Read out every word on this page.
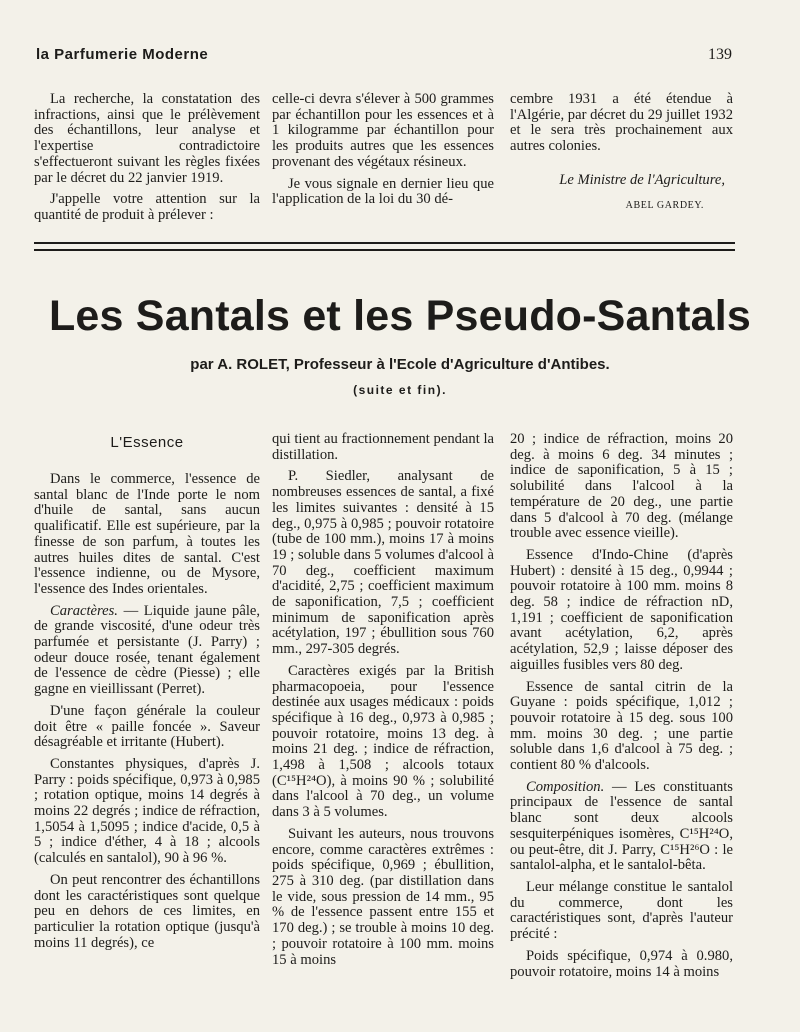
la Parfumerie Moderne	139

La recherche, la constatation des infractions, ainsi que le prélèvement des échantillons, leur analyse et l'expertise contradictoire s'effectueront suivant les règles fixées par le décret du 22 janvier 1919.

J'appelle votre attention sur la quantité de produit à prélever :

celle-ci devra s'élever à 500 grammes par échantillon pour les essences et à 1 kilogramme par échantillon pour les produits autres que les essences provenant des végétaux résineux.

Je vous signale en dernier lieu que l'application de la loi du 30 dé-

cembre 1931 a été étendue à l'Algérie, par décret du 29 juillet 1932 et le sera très prochainement aux autres colonies.

Le Ministre de l'Agriculture,
ABEL GARDEY.
Les Santals et les Pseudo-Santals
par A. ROLET, Professeur à l'Ecole d'Agriculture d'Antibes.
(suite et fin).
L'Essence

Dans le commerce, l'essence de santal blanc de l'Inde porte le nom d'huile de santal, sans aucun qualificatif. Elle est supérieure, par la finesse de son parfum, à toutes les autres huiles dites de santal. C'est l'essence indienne, ou de Mysore, l'essence des Indes orientales.

Caractères. — Liquide jaune pâle, de grande viscosité, d'une odeur très parfumée et persistante (J. Parry) ; odeur douce rosée, tenant également de l'essence de cèdre (Piesse) ; elle gagne en vieillissant (Perret).

D'une façon générale la couleur doit être « paille foncée ». Saveur désagréable et irritante (Hubert).

Constantes physiques, d'après J. Parry : poids spécifique, 0,973 à 0,985 ; rotation optique, moins 14 degrés à moins 22 degrés ; indice de réfraction, 1,5054 à 1,5095 ; indice d'acide, 0,5 à 5 ; indice d'éther, 4 à 18 ; alcools (calculés en santalol), 90 à 96 %.

On peut rencontrer des échantillons dont les caractéristiques sont quelque peu en dehors de ces limites, en particulier la rotation optique (jusqu'à moins 11 degrés), ce

qui tient au fractionnement pendant la distillation.

P. Siedler, analysant de nombreuses essences de santal, a fixé les limites suivantes : densité à 15 deg., 0,975 à 0,985 ; pouvoir rotatoire (tube de 100 mm.), moins 17 à moins 19 ; soluble dans 5 volumes d'alcool à 70 deg., coefficient maximum d'acidité, 2,75 ; coefficient maximum de saponification, 7,5 ; coefficient minimum de saponification après acétylation, 197 ; ébullition sous 760 mm., 297-305 degrés.

Caractères exigés par la British pharmacopoeia, pour l'essence destinée aux usages médicaux : poids spécifique à 16 deg., 0,973 à 0,985 ; pouvoir rotatoire, moins 13 deg. à moins 21 deg. ; indice de réfraction, 1,498 à 1,508 ; alcools totaux (C¹⁵H²⁴O), à moins 90 % ; solubilité dans l'alcool à 70 deg., un volume dans 3 à 5 volumes.

Suivant les auteurs, nous trouvons encore, comme caractères extrêmes : poids spécifique, 0,969 ; ébullition, 275 à 310 deg. (par distillation dans le vide, sous pression de 14 mm., 95 % de l'essence passent entre 155 et 170 deg.) ; se trouble à moins 10 deg. ; pouvoir rotatoire à 100 mm. moins 15 à moins

20 ; indice de réfraction, moins 20 deg. à moins 6 deg. 34 minutes ; indice de saponification, 5 à 15 ; solubilité dans l'alcool à la température de 20 deg., une partie dans 5 d'alcool à 70 deg. (mélange trouble avec essence vieille).

Essence d'Indo-Chine (d'après Hubert) : densité à 15 deg., 0,9944 ; pouvoir rotatoire à 100 mm. moins 8 deg. 58 ; indice de réfraction nD, 1,191 ; coefficient de saponification avant acétylation, 6,2, après acétylation, 52,9 ; laisse déposer des aiguilles fusibles vers 80 deg.

Essence de santal citrin de la Guyane : poids spécifique, 1,012 ; pouvoir rotatoire à 15 deg. sous 100 mm. moins 30 deg. ; une partie soluble dans 1,6 d'alcool à 75 deg. ; contient 80 % d'alcools.

Composition. — Les constituants principaux de l'essence de santal blanc sont deux alcools sesquiterpéniques isomères, C¹⁵H²⁴O, ou peut-être, dit J. Parry, C¹⁵H²⁶O : le santalol-alpha, et le santalol-bêta.

Leur mélange constitue le santalol du commerce, dont les caractéristiques sont, d'après l'auteur précité :

Poids spécifique, 0,974 à 0.980, pouvoir rotatoire, moins 14 à moins
